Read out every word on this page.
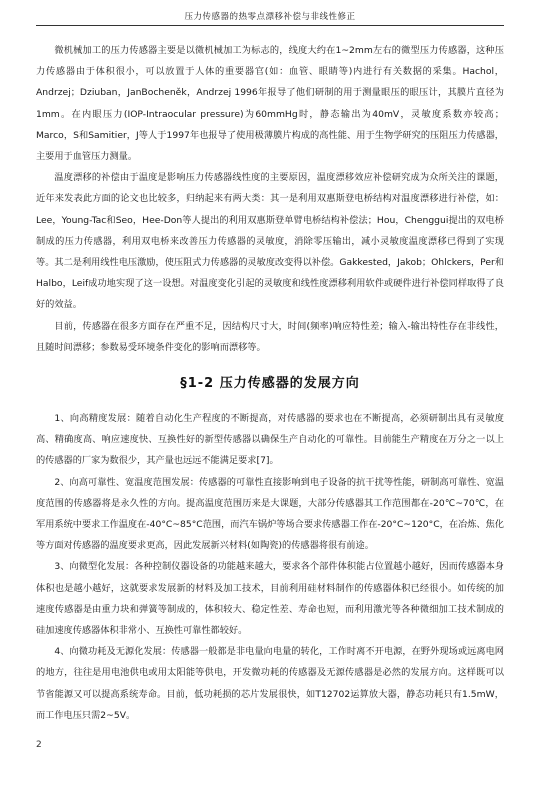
压力传感器的热零点漂移补偿与非线性修正

微机械加工的压力传感器主要是以微机械加工为标志的，线度大约在1~2mm左右的微型压力传感器，这种压力传感器由于体积很小，可以放置于人体的重要器官(如：血管、眼睛等)内进行有关数据的采集。Hachol，Andrzej；Dziuban，JanBocheněk，Andrzej 1996年报导了他们研制的用于测量眼压的眼压计，其膜片直径为1mm。在内眼压力(IOP-Intraocular pressure)为60mmHg时，静态输出为40mV，灵敏度系数亦较高；Marco，S和Samitier，J等人于1997年也报导了使用极薄膜片构成的高性能、用于生物学研究的压阻压力传感器，主要用于血管压力测量。

温度漂移的补偿由于温度是影响压力传感器线性度的主要原因，温度漂移效应补偿研究成为众所关注的课题，近年来发表此方面的论文也比较多，归纳起来有两大类：其一是利用双惠斯登电桥结构对温度漂移进行补偿，如：Lee，Young-Tac和Seo，Hee-Don等人提出的利用双惠斯登单臂电桥结构补偿法；Hou，Chenggui提出的双电桥制成的压力传感器，利用双电桥来改善压力传感器的灵敏度，消除零压输出，减小灵敏度温度漂移已得到了实现等。其二是利用线性电压激励，使压阻式力传感器的灵敏度改变得以补偿。Gakkested，Jakob；Ohlckers，Per和Halbo，Leif成功地实现了这一设想。对温度变化引起的灵敏度和线性度漂移利用软件或硬件进行补偿同样取得了良好的效益。

目前，传感器在很多方面存在严重不足，因结构尺寸大，时间(频率)响应特性差；输入-输出特性存在非线性，且随时间漂移；参数易受环境条件变化的影响而漂移等。

§1-2 压力传感器的发展方向

1、向高精度发展：随着自动化生产程度的不断提高，对传感器的要求也在不断提高，必须研制出具有灵敏度高、精确度高、响应速度快、互换性好的新型传感器以确保生产自动化的可靠性。目前能生产精度在万分之一以上的传感器的厂家为数很少，其产量也远远不能满足要求[7]。

2、向高可靠性、宽温度范围发展：传感器的可靠性直接影响到电子设备的抗干扰等性能，研制高可靠性、宽温度范围的传感器将是永久性的方向。提高温度范围历来是大课题，大部分传感器其工作范围都在-20℃~70℃，在军用系统中要求工作温度在-40°C~85°C范围，而汽车锅炉等场合要求传感器工作在-20°C~120°C，在冶炼、焦化等方面对传感器的温度要求更高，因此发展新兴材料(如陶瓷)的传感器将很有前途。

3、向微型化发展：各种控制仪器设备的功能越来越大，要求各个部件体积能占位置越小越好，因而传感器本身体积也是越小越好，这就要求发展新的材料及加工技术，目前利用硅材料制作的传感器体积已经很小。如传统的加速度传感器是由重力块和弹簧等制成的，体积较大、稳定性差、寿命也短，而利用激光等各种微细加工技术制成的硅加速度传感器体积非常小、互换性可靠性都较好。

4、向微功耗及无源化发展：传感器一般都是非电量向电量的转化，工作时离不开电源，在野外现场或远离电网的地方，往往是用电池供电或用太阳能等供电，开发微功耗的传感器及无源传感器是必然的发展方向。这样既可以节省能源又可以提高系统寿命。目前，低功耗损的芯片发展很快，如T12702运算放大器，静态功耗只有1.5mW，而工作电压只需2~5V。

2
